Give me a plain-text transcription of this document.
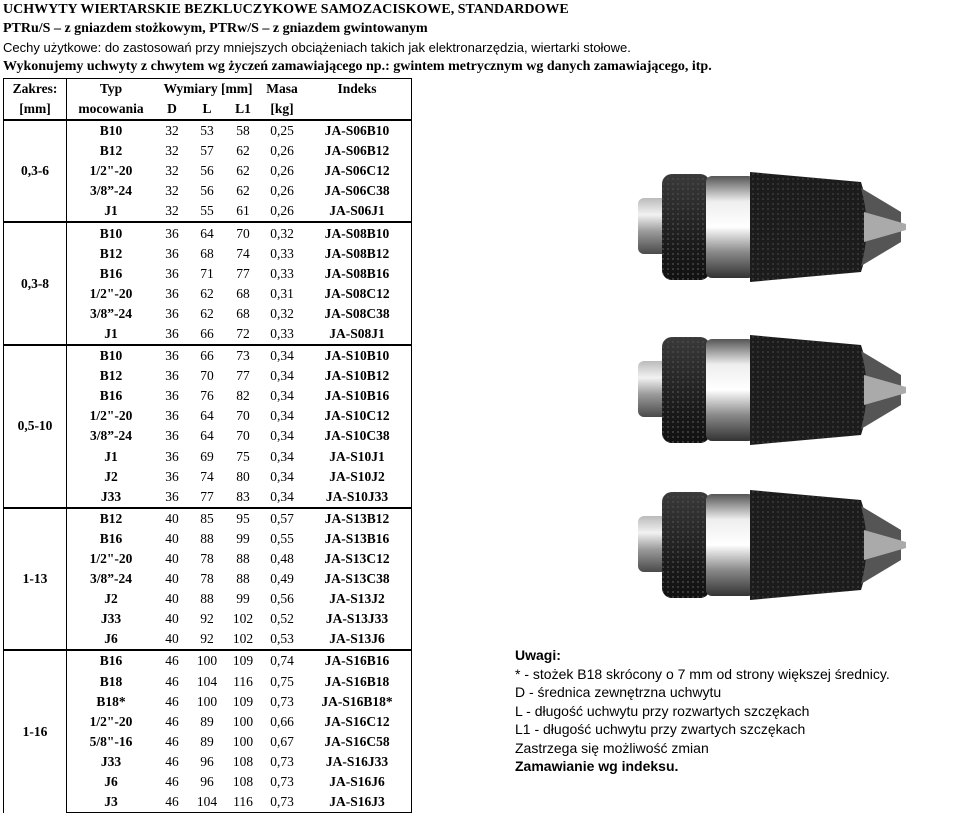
UCHWYTY WIERTARSKIE BEZKLUCZYKOWE SAMOZACISKOWE, STANDARDOWE
PTRu/S – z gniazdem stożkowym, PTRw/S – z gniazdem gwintowanym
Cechy użytkowe: do zastosowań przy mniejszych obciążeniach takich jak elektronarzędzia, wiertarki stołowe.
Wykonujemy uchwyty z chwytem wg życzeń zamawiającego np.: gwintem metrycznym wg danych zamawiającego, itp.
Zakres:	Typ	Wymiary [mm]			Masa	Indeks
[mm]	mocowania	D	L	L1	[kg]	
0,3-6	B10	32	53	58	0,25	JA-S06B10
	B12	32	57	62	0,26	JA-S06B12
	1/2"-20	32	56	62	0,26	JA-S06C12
	3/8”-24	32	56	62	0,26	JA-S06C38
	J1	32	55	61	0,26	JA-S06J1
0,3-8	B10	36	64	70	0,32	JA-S08B10
	B12	36	68	74	0,33	JA-S08B12
	B16	36	71	77	0,33	JA-S08B16
	1/2"-20	36	62	68	0,31	JA-S08C12
	3/8”-24	36	62	68	0,32	JA-S08C38
	J1	36	66	72	0,33	JA-S08J1
0,5-10	B10	36	66	73	0,34	JA-S10B10
	B12	36	70	77	0,34	JA-S10B12
	B16	36	76	82	0,34	JA-S10B16
	1/2"-20	36	64	70	0,34	JA-S10C12
	3/8”-24	36	64	70	0,34	JA-S10C38
	J1	36	69	75	0,34	JA-S10J1
	J2	36	74	80	0,34	JA-S10J2
	J33	36	77	83	0,34	JA-S10J33
1-13	B12	40	85	95	0,57	JA-S13B12
	B16	40	88	99	0,55	JA-S13B16
	1/2"-20	40	78	88	0,48	JA-S13C12
	3/8”-24	40	78	88	0,49	JA-S13C38
	J2	40	88	99	0,56	JA-S13J2
	J33	40	92	102	0,52	JA-S13J33
	J6	40	92	102	0,53	JA-S13J6
1-16	B16	46	100	109	0,74	JA-S16B16
	B18	46	104	116	0,75	JA-S16B18
	B18*	46	100	109	0,73	JA-S16B18*
	1/2"-20	46	89	100	0,66	JA-S16C12
	5/8"-16	46	89	100	0,67	JA-S16C58
	J33	46	96	108	0,73	JA-S16J33
	J6	46	96	108	0,73	JA-S16J6
	J3	46	104	116	0,73	JA-S16J3
Uwagi:
* - stożek B18 skrócony o 7 mm od strony większej średnicy.
D - średnica zewnętrzna uchwytu
L - długość uchwytu przy rozwartych szczękach
L1 - długość uchwytu przy zwartych szczękach
Zastrzega się możliwość zmian
Zamawianie wg indeksu.
